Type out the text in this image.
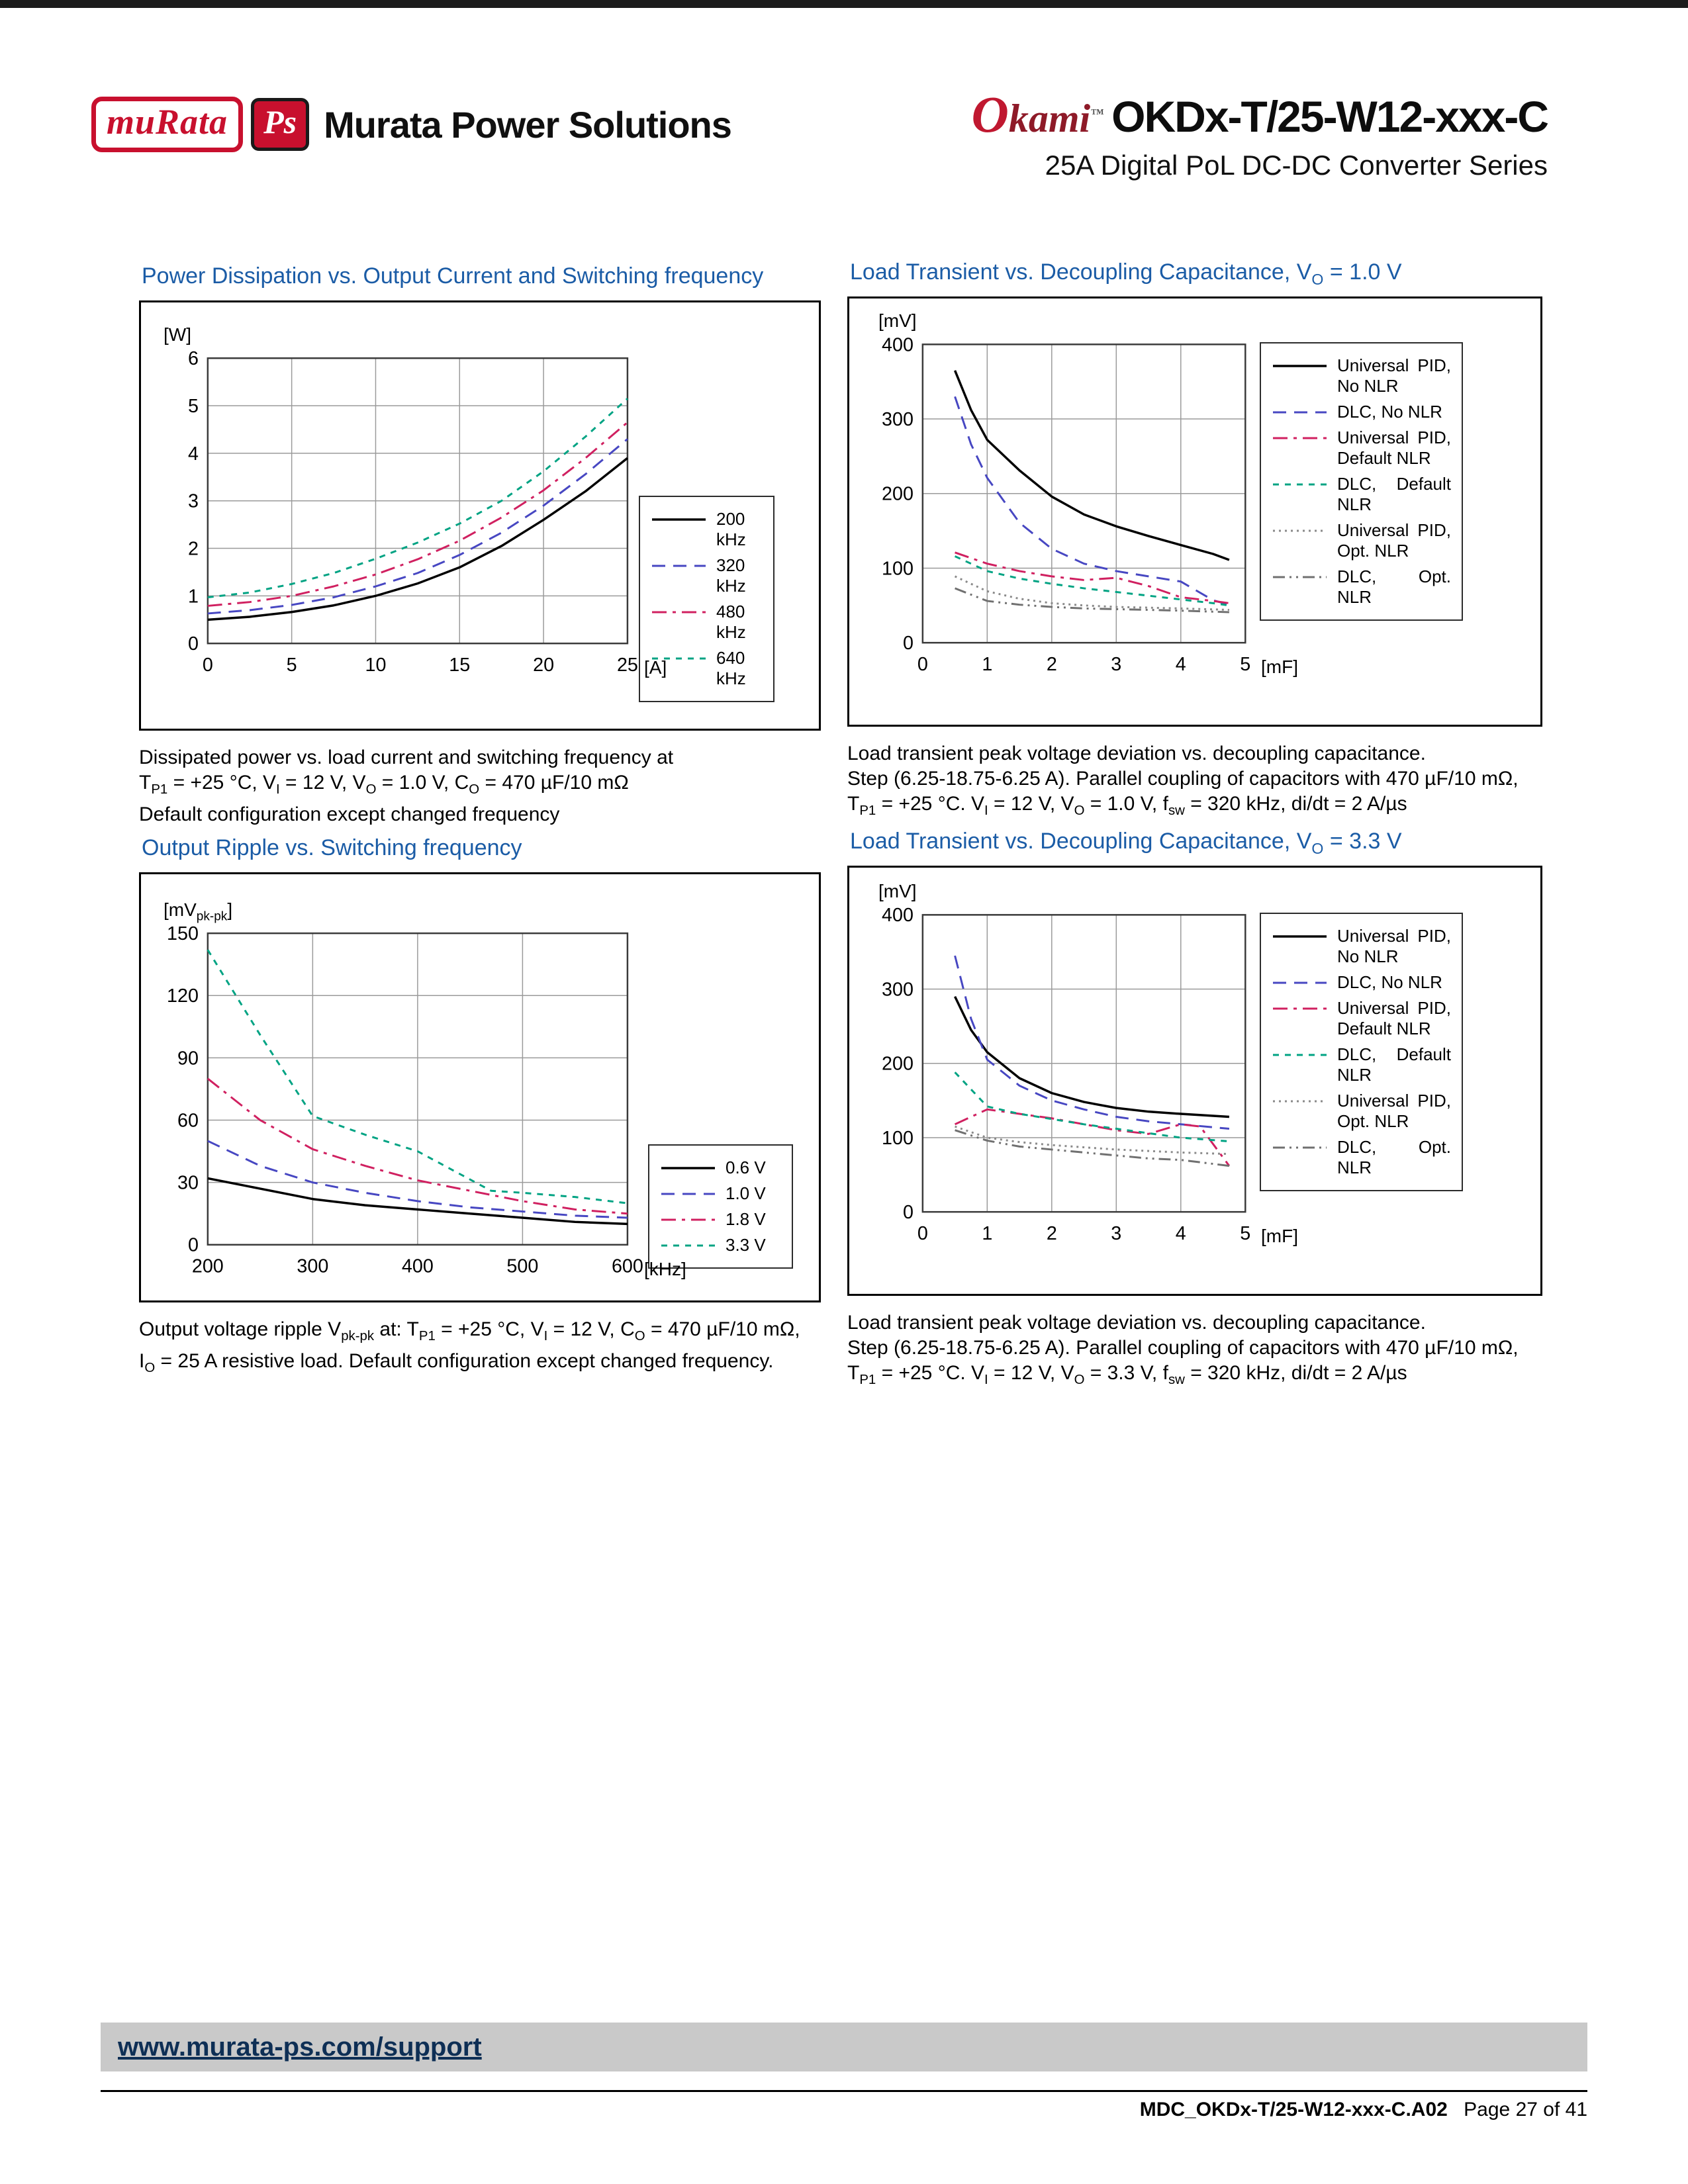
muRata	Ps Murata Power Solutions	Okami™ OKDx-T/25-W12-xxx-C
25A Digital PoL DC-DC Converter Series
Power Dissipation vs. Output Current and Switching frequency
0	5	10	15	20	25
0
1
2
3
4
5
6
200 kHz
320 kHz
480 kHz
640 kHz
[W]
[A]

Dissipated power vs. load current and switching frequency at
$T_{P1} = +25$ °C, $V_I = 12$ V, $V_O = 1.0$ V, $C_O = 470$ µF/10 mΩ
Default configuration except changed frequency

Load Transient vs. Decoupling Capacitance, $V_O = 1.0$ V
0	1	2	3	4	5
0
100
200
300
400
Universal PID, No NLR
DLC, No NLR
Universal PID, Default NLR
DLC, Default NLR
Universal PID, Opt. NLR
DLC, Opt. NLR
[mV]
[mF]

Load transient peak voltage deviation vs. decoupling capacitance.
Step (6.25-18.75-6.25 A). Parallel coupling of capacitors with 470 µF/10 mΩ,
$T_{P1} = +25$ °C. $V_I = 12$ V, $V_O = 1.0$ V, $f_{sw} = 320$ kHz, di/dt = 2 A/µs

Output Ripple vs. Switching frequency
200	300	400	500	600
0
30
60
90
120
150
0.6 V
1.0 V
1.8 V
3.3 V
$[mV_{pk-pk}]$
[kHz]

Output voltage ripple $V_{pk-pk}$ at: $T_{P1} = +25$ °C, $V_I = 12$ V, $C_O = 470$ µF/10 mΩ,
$I_O = 25$ A resistive load. Default configuration except changed frequency.

Load Transient vs. Decoupling Capacitance, $V_O = 3.3$ V
0	1	2	3	4	5
0
100
200
300
400
Universal PID, No NLR
DLC, No NLR
Universal PID, Default NLR
DLC, Default NLR
Universal PID, Opt. NLR
DLC, Opt. NLR
[mV]
[mF]

Load transient peak voltage deviation vs. decoupling capacitance.
Step (6.25-18.75-6.25 A). Parallel coupling of capacitors with 470 µF/10 mΩ,
$T_{P1} = +25$ °C. $V_I = 12$ V, $V_O = 3.3$ V, $f_{sw} = 320$ kHz, di/dt = 2 A/µs

www.murata-ps.com/support
MDC_OKDx-T/25-W12-xxx-C.A02 Page 27 of 41
